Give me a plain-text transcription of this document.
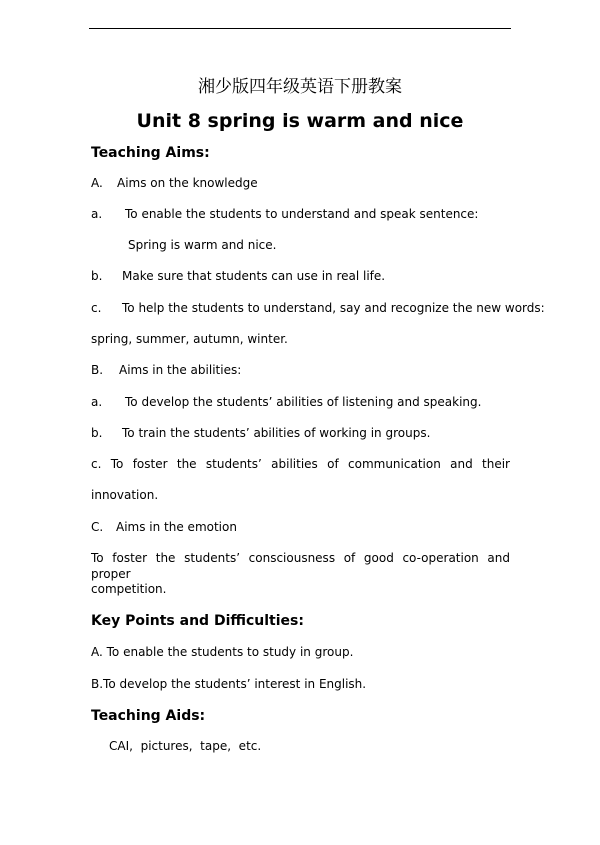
湘少版四年级英语下册教案
Unit 8 spring is warm and nice
Teaching Aims:
A. Aims on the knowledge
a. To enable the students to understand and speak sentence:
Spring is warm and nice.
b. Make sure that students can use in real life.
c. To help the students to understand, say and recognize the new words:
spring, summer, autumn, winter.
B. Aims in the abilities:
a. To develop the students’ abilities of listening and speaking.
b. To train the students’ abilities of working in groups.
c. To foster the students’ abilities of communication and their
innovation.
C. Aims in the emotion
To foster the students’ consciousness of good co-operation and proper
competition.
Key Points and Difficulties:
A. To enable the students to study in group.
B.To develop the students’ interest in English.
Teaching Aids:
CAI,  pictures,  tape,  etc.
